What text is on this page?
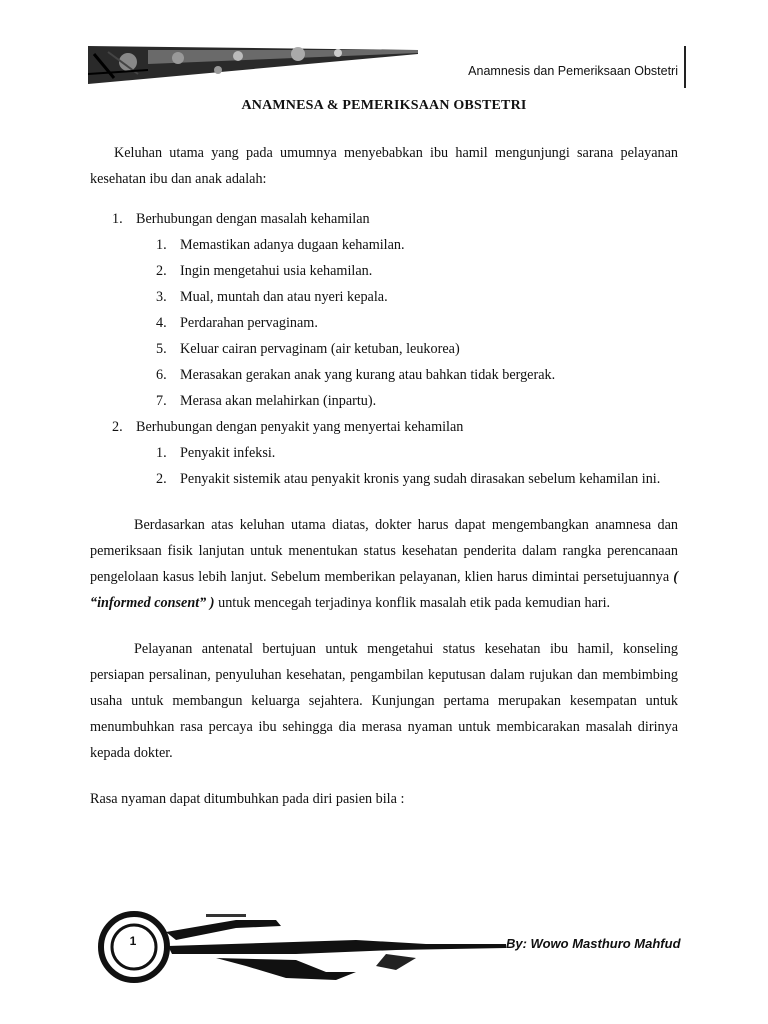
Anamnesis dan Pemeriksaan Obstetri
ANAMNESA & PEMERIKSAAN OBSTETRI

Keluhan utama yang pada umumnya menyebabkan ibu hamil mengunjungi sarana pelayanan kesehatan ibu dan anak adalah:

1. Berhubungan dengan masalah kehamilan
1. Memastikan adanya dugaan kehamilan.
2. Ingin mengetahui usia kehamilan.
3. Mual, muntah dan atau nyeri kepala.
4. Perdarahan pervaginam.
5. Keluar cairan pervaginam (air ketuban, leukorea)
6. Merasakan gerakan anak yang kurang atau bahkan tidak bergerak.
7. Merasa akan melahirkan (inpartu).
2. Berhubungan dengan penyakit yang menyertai kehamilan
1. Penyakit infeksi.
2. Penyakit sistemik atau penyakit kronis yang sudah dirasakan sebelum kehamilan ini.

Berdasarkan atas keluhan utama diatas, dokter harus dapat mengembangkan anamnesa dan pemeriksaan fisik lanjutan untuk menentukan status kesehatan penderita dalam rangka perencanaan pengelolaan kasus lebih lanjut. Sebelum memberikan pelayanan, klien harus dimintai persetujuannya ( “informed consent” ) untuk mencegah terjadinya konflik masalah etik pada kemudian hari.

Pelayanan antenatal bertujuan untuk mengetahui status kesehatan ibu hamil, konseling persiapan persalinan, penyuluhan kesehatan, pengambilan keputusan dalam rujukan dan membimbing usaha untuk membangun keluarga sejahtera. Kunjungan pertama merupakan kesempatan untuk menumbuhkan rasa percaya ibu sehingga dia merasa nyaman untuk membicarakan masalah dirinya kepada dokter.

Rasa nyaman dapat ditumbuhkan pada diri pasien bila :

1	By: Wowo Masthuro Mahfud
